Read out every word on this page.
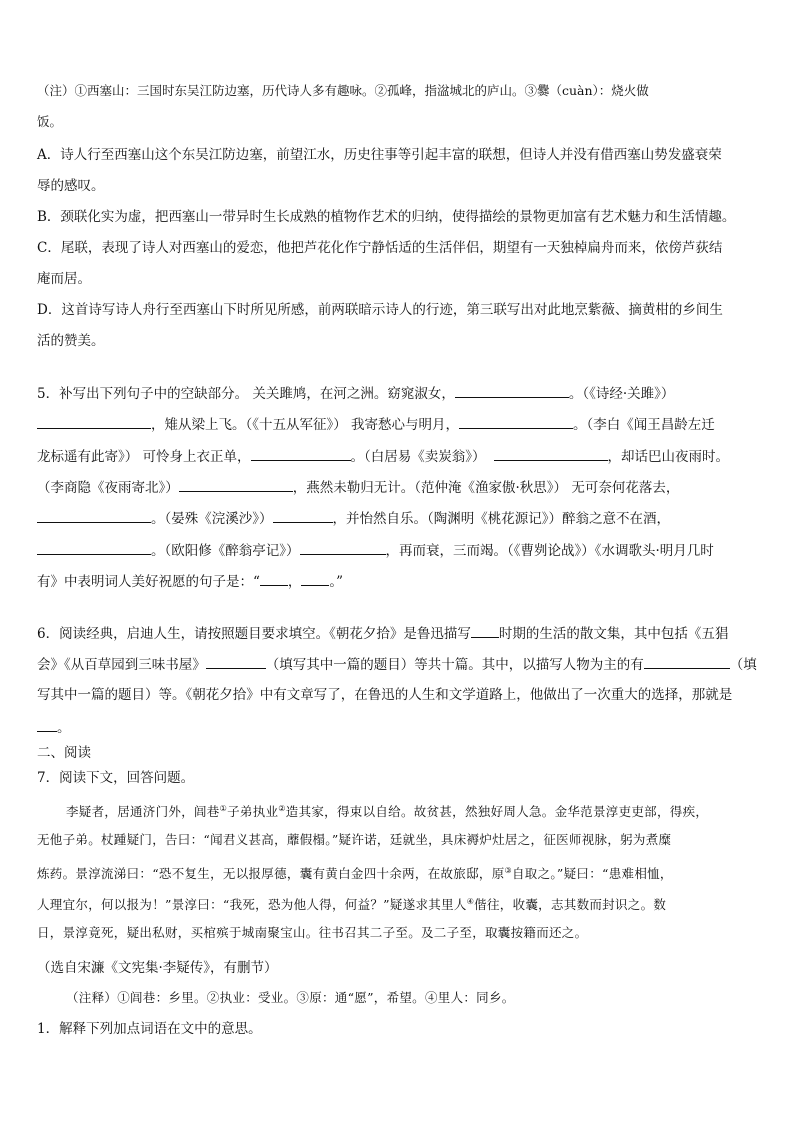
（注）①西塞山：三国时东吴江防边塞，历代诗人多有趣咏。②孤峰，指湓城北的庐山。③爨（cuàn）：烧火做
饭。
A．诗人行至西塞山这个东吴江防边塞，前望江水，历史往事等引起丰富的联想，但诗人并没有借西塞山势发盛衰荣
辱的感叹。
B．颈联化实为虚，把西塞山一带异时生长成熟的植物作艺术的归纳，使得描绘的景物更加富有艺术魅力和生活情趣。
C．尾联，表现了诗人对西塞山的爱恋，他把芦花化作宁静恬适的生活伴侣，期望有一天独棹扁舟而来，依傍芦荻结
庵而居。
D．这首诗写诗人舟行至西塞山下时所见所感，前两联暗示诗人的行迹，第三联写出对此地烹紫薇、摘黄柑的乡间生
活的赞美。
5．补写出下列句子中的空缺部分。 关关雎鸠，在河之洲。窈窕淑女，	。（《诗经·关雎》）
，雉从梁上飞。（《十五从军征》） 我寄愁心与明月，	。（李白《闻王昌龄左迁
龙标遥有此寄》） 可怜身上衣正单，	。（白居易《卖炭翁》）	，却话巴山夜雨时。
（李商隐《夜雨寄北》）	，燕然未勒归无计。（范仲淹《渔家傲·秋思》） 无可奈何花落去，
。（晏殊《浣溪沙》）	，并怡然自乐。（陶渊明《桃花源记》）醉翁之意不在酒，
。（欧阳修《醉翁亭记》）	，再而衰，三而竭。（《曹刿论战》）《水调歌头·明月几时
有》中表明词人美好祝愿的句子是：“ ， 。”
6．阅读经典，启迪人生，请按照题目要求填空。《朝花夕拾》是鲁迅描写 时期的生活的散文集，其中包括《五猖
会》《从百草园到三味书屋》	（填写其中一篇的题目）等共十篇。其中，以描写人物为主的有	（填
写其中一篇的题目）等。《朝花夕拾》中有文章写了，在鲁迅的人生和文学道路上，他做出了一次重大的选择，那就是
。
二、阅读
7．阅读下文，回答问题。
李疑者，居通济门外，闾巷①子弟执业②造其家，得束以自给。故贫甚，然独好周人急。金华范景淳吏吏部，得疾，
无他子弟。杖踵疑门，告曰：“闻君义甚高，蘼假榻。”疑许诺，廷就坐，具床褥炉灶居之，征医师视脉，躬为煮糜
炼药。景淳流涕曰：“恐不复生，无以报厚德，囊有黄白金四十余两，在故旅邸，原③自取之。”疑曰：“患难相恤，
人理宜尔，何以报为！”景淳曰：“我死，恐为他人得，何益？”疑遂求其里人④偕往，收囊，志其数而封识之。数
日，景淳竟死，疑出私财，买棺殡于城南聚宝山。往书召其二子至。及二子至，取囊按籍而还之。
（选自宋濂《文宪集·李疑传》，有删节）
（注释）①闾巷：乡里。②执业：受业。③原：通“愿”，希望。④里人：同乡。
1．解释下列加点词语在文中的意思。
